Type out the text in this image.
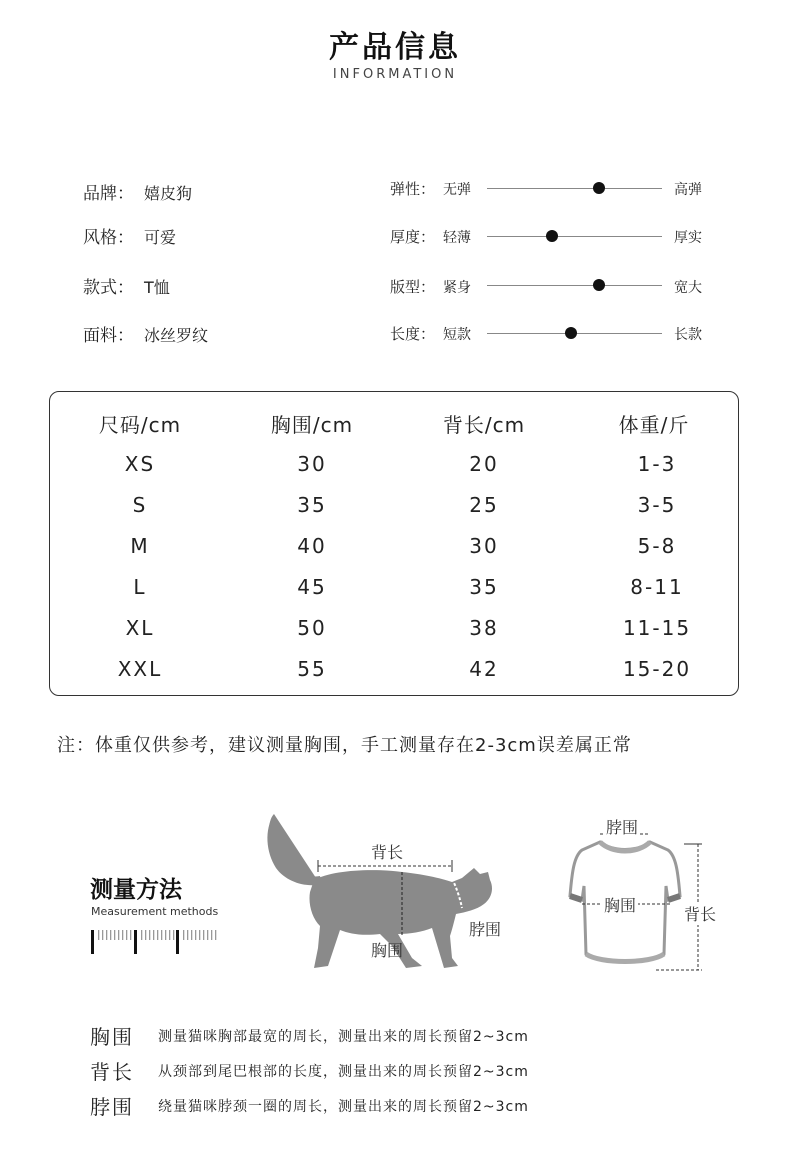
产品信息
INFORMATION
品牌： 嬉皮狗
风格： 可爱
款式： T恤
面料： 冰丝罗纹
弹性： 无弹	高弹
厚度： 轻薄	厚实
版型： 紧身	宽大
长度： 短款	长款
尺码/cm	胸围/cm	背长/cm	体重/斤
XS	30	20	1-3
S	35	25	3-5
M	40	30	5-8
L	45	35	8-11
XL	50	38	11-15
XXL	55	42	15-20
注：体重仅供参考，建议测量胸围，手工测量存在2-3cm误差属正常
测量方法
Measurement methods
背长
胸围
脖围
脖围
胸围	背长
胸围 测量猫咪胸部最宽的周长，测量出来的周长预留2~3cm
背长 从颈部到尾巴根部的长度，测量出来的周长预留2~3cm
脖围 绕量猫咪脖颈一圈的周长，测量出来的周长预留2~3cm
